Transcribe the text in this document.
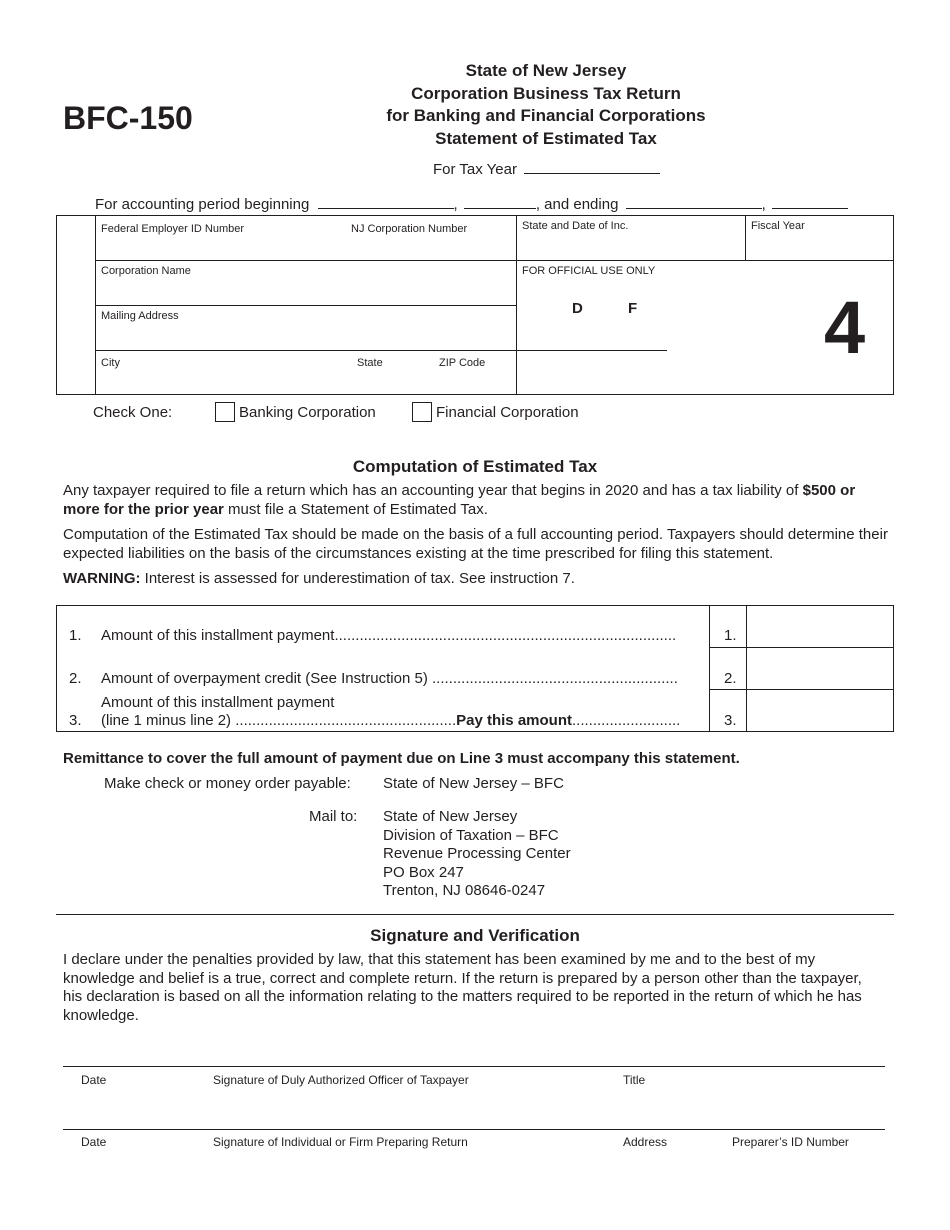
BFC-150
State of New Jersey
Corporation Business Tax Return
for Banking and Financial Corporations
Statement of Estimated Tax
For Tax Year
For accounting period beginning	,	, and ending	,
Federal Employer ID Number	NJ Corporation Number	State and Date of Inc.	Fiscal Year
Corporation Name	FOR OFFICIAL USE ONLY
D	F	4
Mailing Address
City	State	ZIP Code
Check One:	Banking Corporation	Financial Corporation
Computation of Estimated Tax
Any taxpayer required to file a return which has an accounting year that begins in 2020 and has a tax liability of $500 or more for the prior year must file a Statement of Estimated Tax.
Computation of the Estimated Tax should be made on the basis of a full accounting period. Taxpayers should determine their expected liabilities on the basis of the circumstances existing at the time prescribed for filing this statement.
WARNING: Interest is assessed for underestimation of tax. See instruction 7.
1. Amount of this installment payment..................................................................................	1.
2. Amount of overpayment credit (See Instruction 5) ...........................................................	2.
Amount of this installment payment
3. (line 1 minus line 2) .....................................................Pay this amount..........................	3.
Remittance to cover the full amount of payment due on Line 3 must accompany this statement.
Make check or money order payable: State of New Jersey – BFC
Mail to: State of New Jersey
Division of Taxation – BFC
Revenue Processing Center
PO Box 247
Trenton, NJ 08646-0247
Signature and Verification
I declare under the penalties provided by law, that this statement has been examined by me and to the best of my knowledge and belief is a true, correct and complete return. If the return is prepared by a person other than the taxpayer, his declaration is based on all the information relating to the matters required to be reported in the return of which he has knowledge.
Date	Signature of Duly Authorized Officer of Taxpayer	Title
Date	Signature of Individual or Firm Preparing Return	Address	Preparer’s ID Number
